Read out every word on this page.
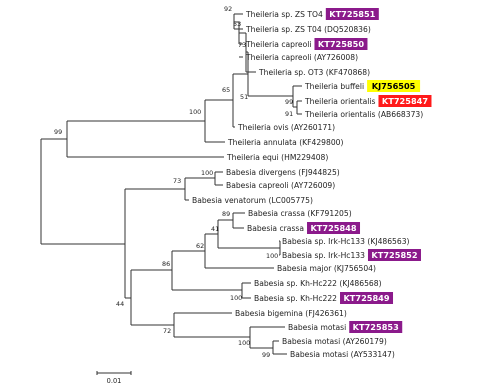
Theileria sp. ZS TO4 KT725851
Theileria sp. ZS T04 (DQ520836)
Theileria capreoli KT725850
Theileria capreoli (AY726008)
Theileria sp. OT3 (KF470868)
Theileria buffeli KJ756505
Theileria orientalis KT725847
Theileria orientalis (AB668373)
Theileria ovis (AY260171)
Theileria annulata (KF429800)
Theileria equi (HM229408)
Babesia divergens (FJ944825)
Babesia capreoli (AY726009)
Babesia venatorum (LC005775)
Babesia crassa (KF791205)
Babesia crassa KT725848
Babesia sp. Irk-Hc133 (KJ486563)
Babesia sp. Irk-Hc133 KT725852
Babesia major (KJ756504)
Babesia sp. Kh-Hc222 (KJ486568)
Babesia sp. Kh-Hc222 KT725849
Babesia bigemina (FJ426361)
Babesia motasi KT725853
Babesia motasi (AY260179)
Babesia motasi (AY533147)
92
53
73
51
99
91
65
100
99
100
73
89
41
100
62
86
100
44
72
100
99
0.01
